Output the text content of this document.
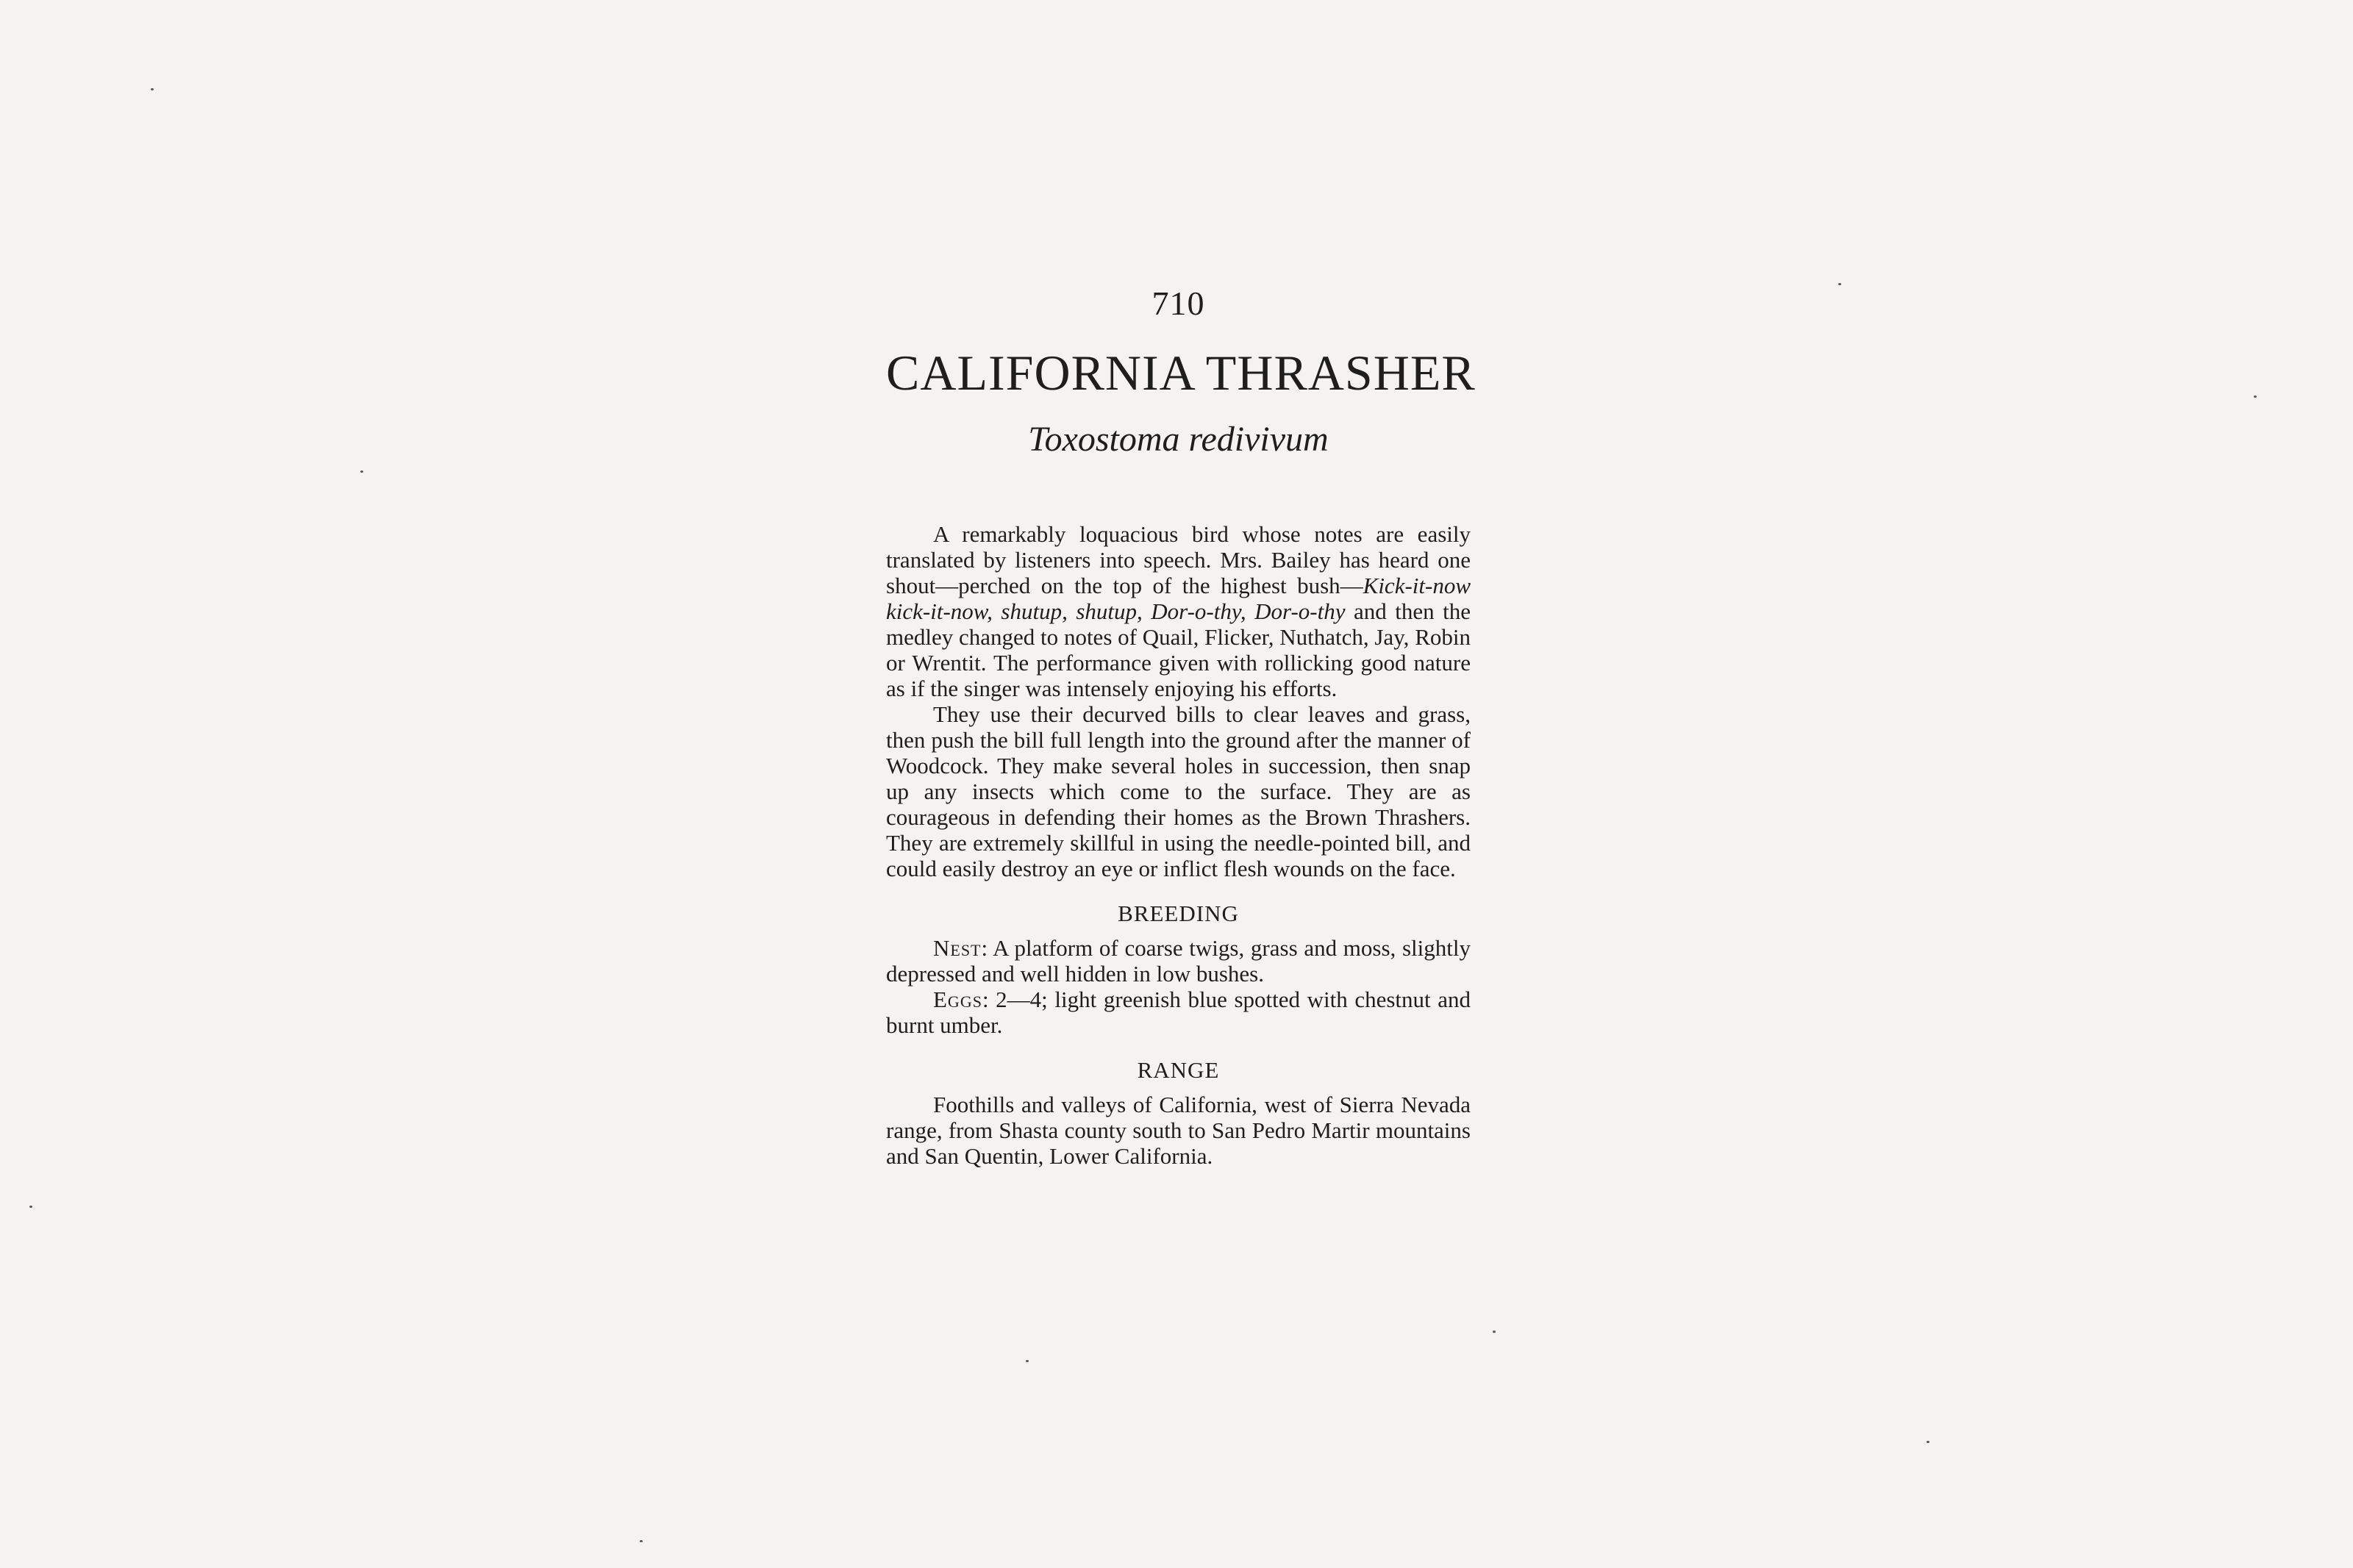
710
CALIFORNIA THRASHER
Toxostoma redivivum

A remarkably loquacious bird whose notes are easily translated by listeners into speech. Mrs. Bailey has heard one shout—perched on the top of the highest bush—Kick-it-now kick-it-now, shutup, shutup, Dor-o-thy, Dor-o-thy and then the medley changed to notes of Quail, Flicker, Nuthatch, Jay, Robin or Wrentit. The performance given with rollicking good nature as if the singer was intensely enjoying his efforts.

They use their decurved bills to clear leaves and grass, then push the bill full length into the ground after the manner of Woodcock. They make several holes in succession, then snap up any insects which come to the surface. They are as courageous in defending their homes as the Brown Thrashers. They are extremely skillful in using the needle-pointed bill, and could easily destroy an eye or inflict flesh wounds on the face.

BREEDING

Nest: A platform of coarse twigs, grass and moss, slightly depressed and well hidden in low bushes.

Eggs: 2—4; light greenish blue spotted with chestnut and burnt umber.

RANGE

Foothills and valleys of California, west of Sierra Nevada range, from Shasta county south to San Pedro Martir mountains and San Quentin, Lower California.
